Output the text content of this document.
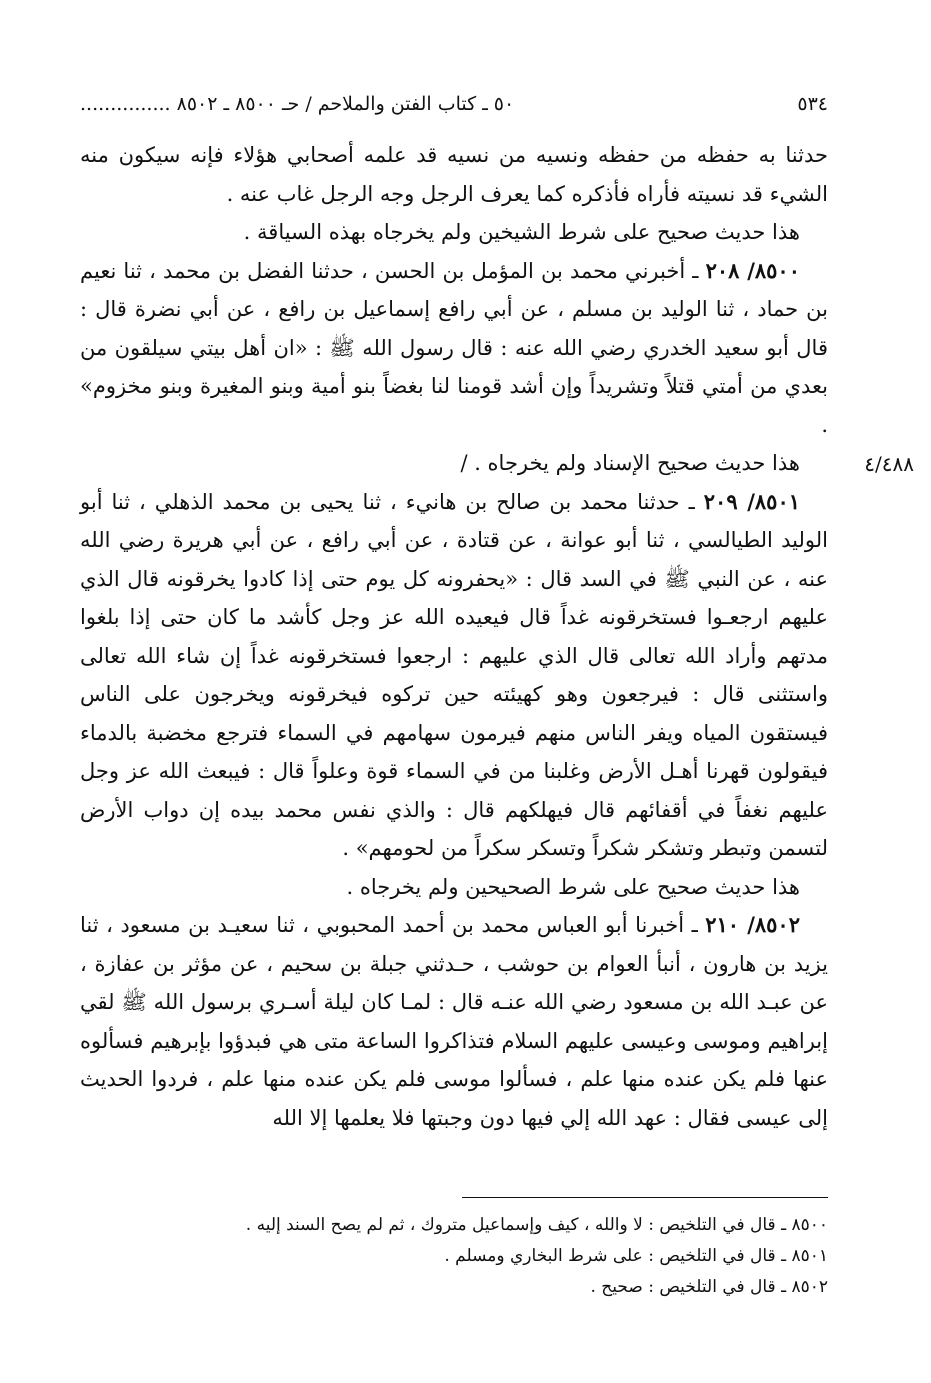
٥٣٤
٥٠ ـ كتاب الفتن والملاحم / حـ ٨٥٠٠ ـ ٨٥٠٢ ...............
٤/٤٨٨

حدثنا به حفظه من حفظه ونسيه من نسيه قد علمه أصحابي هؤلاء فإنه سيكون منه الشيء قد نسيته فأراه فأذكره كما يعرف الرجل وجه الرجل غاب عنه .

هذا حديث صحيح على شرط الشيخين ولم يخرجاه بهذه السياقة .

٨٥٠٠/ ٢٠٨ ـ أخبرني محمد بن المؤمل بن الحسن ، حدثنا الفضل بن محمد ، ثنا نعيم بن حماد ، ثنا الوليد بن مسلم ، عن أبي رافع إسماعيل بن رافع ، عن أبي نضرة قال : قال أبو سعيد الخدري رضي الله عنه : قال رسول الله ﷺ : «ان أهل بيتي سيلقون من بعدي من أمتي قتلاً وتشريداً وإن أشد قومنا لنا بغضاً بنو أمية وبنو المغيرة وبنو مخزوم» .

هذا حديث صحيح الإسناد ولم يخرجاه . /

٨٥٠١/ ٢٠٩ ـ حدثنا محمد بن صالح بن هانيء ، ثنا يحيى بن محمد الذهلي ، ثنا أبو الوليد الطيالسي ، ثنا أبو عوانة ، عن قتادة ، عن أبي رافع ، عن أبي هريرة رضي الله عنه ، عن النبي ﷺ في السد قال : «يحفرونه كل يوم حتى إذا كادوا يخرقونه قال الذي عليهم ارجعـوا فستخرقونه غداً قال فيعيده الله عز وجل كأشد ما كان حتى إذا بلغوا مدتهم وأراد الله تعالى قال الذي عليهم : ارجعوا فستخرقونه غداً إن شاء الله تعالى واستثنى قال : فيرجعون وهو كهيئته حين تركوه فيخرقونه ويخرجون على الناس فيستقون المياه ويفر الناس منهم فيرمون سهامهم في السماء فترجع مخضبة بالدماء فيقولون قهرنا أهـل الأرض وغلبنا من في السماء قوة وعلواً قال : فيبعث الله عز وجل عليهم نغفاً في أقفائهم قال فيهلكهم قال : والذي نفس محمد بيده إن دواب الأرض لتسمن وتبطر وتشكر شكراً وتسكر سكراً من لحومهم» .

هذا حديث صحيح على شرط الصحيحين ولم يخرجاه .

٨٥٠٢/ ٢١٠ ـ أخبرنا أبو العباس محمد بن أحمد المحبوبي ، ثنا سعيـد بن مسعود ، ثنا يزيد بن هارون ، أنبأ العوام بن حوشب ، حـدثني جبلة بن سحيم ، عن مؤثر بن عفازة ، عن عبـد الله بن مسعود رضي الله عنـه قال : لمـا كان ليلة أسـري برسول الله ﷺ لقي إبراهيم وموسى وعيسى عليهم السلام فتذاكروا الساعة متى هي فبدؤوا بإبرهيم فسألوه عنها فلم يكن عنده منها علم ، فسألوا موسى فلم يكن عنده منها علم ، فردوا الحديث إلى عيسى فقال : عهد الله إلي فيها دون وجبتها فلا يعلمها إلا الله

٨٥٠٠ ـ قال في التلخيص : لا والله ، كيف وإسماعيل متروك ، ثم لم يصح السند إليه .

٨٥٠١ ـ قال في التلخيص : على شرط البخاري ومسلم .

٨٥٠٢ ـ قال في التلخيص : صحيح .
